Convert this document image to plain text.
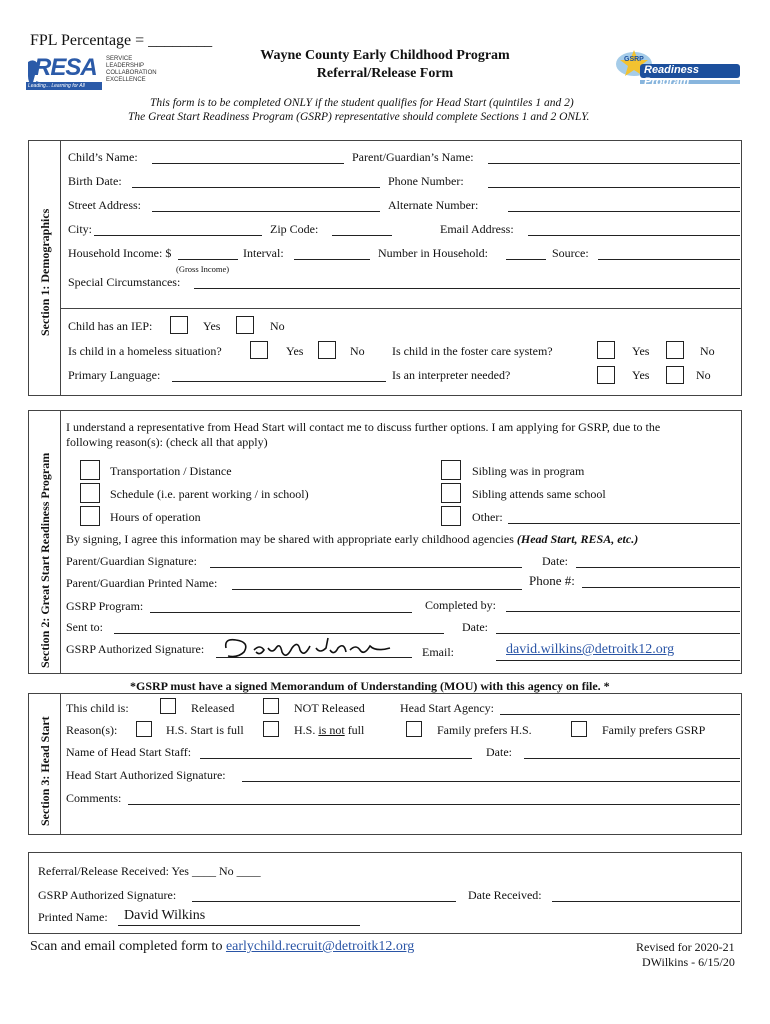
FPL Percentage = ________
RESA SERVICE
LEADERSHIP
COLLABORATION
EXCELLENCE
Leading... Learning for All
Wayne County Early Childhood Program
Referral/Release Form	Readiness Program
GSRP
This form is to be completed ONLY if the student qualifies for Head Start (quintiles 1 and 2)
The Great Start Readiness Program (GSRP) representative should complete Sections 1 and 2 ONLY.
Section 1: Demographics
Child’s Name:	Parent/Guardian’s Name:
Birth Date:	Phone Number:
Street Address:	Alternate Number:
City:	Zip Code:	Email Address:
Household Income: $	Interval:	Number in Household:	Source:
(Gross Income)
Special Circumstances:
Child has an IEP:	Yes	No
Is child in a homeless situation?	Yes	No Is child in the foster care system?	Yes	No
Primary Language:	Is an interpreter needed?	Yes	No
Section 2: Great Start Readiness Program
I understand a representative from Head Start will contact me to discuss further options. I am applying for GSRP, due to the
following reason(s): (check all that apply)
Transportation / Distance
Schedule (i.e. parent working / in school)
Hours of operation
Sibling was in program
Sibling attends same school
Other:
By signing, I agree this information may be shared with appropriate early childhood agencies (Head Start, RESA, etc.)
Parent/Guardian Signature:	Date:
Parent/Guardian Printed Name:	Phone #:
GSRP Program:	Completed by:
Sent to:	Date:
GSRP Authorized Signature:	Email:	david.wilkins@detroitk12.org
*GSRP must have a signed Memorandum of Understanding (MOU) with this agency on file. *
Section 3: Head Start
This child is:	Released	NOT Released	Head Start Agency:
Reason(s):	H.S. Start is full	H.S. is not full	Family prefers H.S.	Family prefers GSRP
Name of Head Start Staff:	Date:
Head Start Authorized Signature:
Comments:
Referral/Release Received: Yes ____ No ____
GSRP Authorized Signature:	Date Received:
Printed Name: David Wilkins
Scan and email completed form to earlychild.recruit@detroitk12.org	Revised for 2020-21
DWilkins - 6/15/20
